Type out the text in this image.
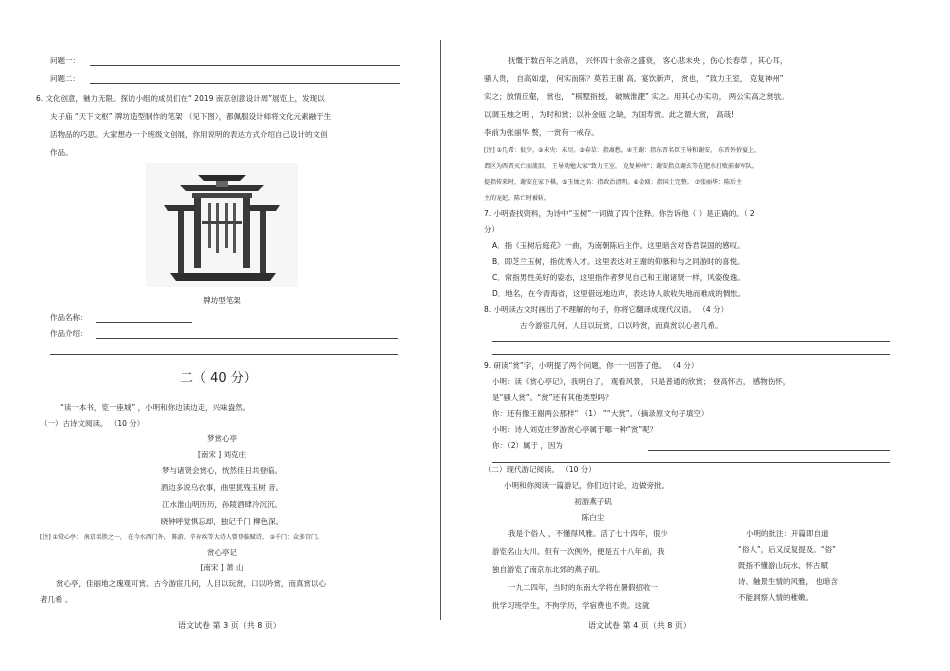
问题一：
问题二：
6. 文化创意，魅力无限。探访小组的成员们在“ 2019 南京创意设计周”展览上，发现以
夫子庙 “天下文枢” 牌坊造型制作的笔架 （见下图），都佩服设计师将文化元素融于生
活物品的巧思。大家想办一个班级文创展，你用说明的表达方式介绍自己设计的文创
作品。
牌坊型笔架
作品名称：
作品介绍：
二（ 40 分）
“读一本书，览一座城” ，小明和你边读边走，兴味盎然。
（一）古诗文阅读。 （10 分）
梦赏心亭
[南宋 ] 刘克庄
梦与诸贤会赏心，恍然佳日共登临。
酒边多说乌衣事，曲里犹残玉树 音。
江水淮山明历历，孙陵酒肆冷沉沉。
晓钟呼觉惧忘却，独记千门 柳色深。
[注] ①赏心亭： 南京名胜之一， 在今水西门外， 陈游、辛弃疾等大诗人曾登临赋诗。 ②千门：众多宫门。
赏心亭记
[南宋 ] 萧 山
赏心亭，佳丽地之瑰观可赏。古今游宦几何，人目以玩赏，口以吟赏，而真赏以心
者几希 。
语文试卷 第 3 页（共 8 页）
抚慨于数百年之消息， 兴怀四十余帝之盛衰， 客心悲未央 ，伤心长春草 ，其心耳，
骚人贵， 自高如虚， 何实而陈？莫若王谢 高。宴饮新声， 赏也， “致力王室， 克复神州”
实之；放情丘壑， 赏也， “棋墅指授， 破贼淮淝” 实之。用其心办实功， 两公实高之赏欤。
以调玉烛之明 ，为时和赏；以补金瓯 之缺，为国寿赏。此之谓大赏， 高哉!
李前为张丽华 赘，一赏有一戒存。
[注] ①几希：很少。②未央：未尽。③春草：指离愁。④王谢：指东晋名臣王导和谢安。 东晋外侨宴上，
谓区为西晋灭亡而流泪， 王导劝勉大家“致力王室， 克复神州”；谢安指点谢玄等在肥水打败前秦军队。
提指传来时，谢安在家下棋。⑤玉烛之名：指政治清明。⑥金瓯：指国土完整。 ⑦张丽华：陈后主
主的宠妃，陈亡时被斩。
7. 小明查找资料，为诗中“玉树”一词做了四个注释。你告诉他（ ）是正确的。（ 2
分）
A．指《玉树后庭花》一曲，为南朝陈后主作。这里暗含对昏君误国的感叹。
B．即芝兰玉树，指优秀人才。这里表达对王谢的仰慕和与之同游时的喜悦。
C．常指男性美好的姿态，这里指作者梦见自己和王谢诸贤一样，风姿俊逸。
D．地名，在今青海省，这里借远地边声，表达诗人欲收失地而难成的惆怅。
8. 小明读古文时画出了不理解的句子，你将它翻译成现代汉语。 （4 分）
古今游宦几何，人目以玩赏，口以吟赏，而真赏以心者几希。
9. 研读“赏”字，小明提了两个问题，你一一回答了他。 （4 分）
小明：读《赏心亭记》，我明白了， 观看风景， 只是普通的欣赏； 登高怀古， 感物伤怀，
是“骚人赏”。“赏”还有其他类型吗？
你：还有像王谢两公那样“ （1） ”“大赏”。（摘录原文句子填空）
小明：诗人刘克庄梦游赏心亭属于哪一种“赏”呢？
你：（2）属于 ，因为
（二）现代游记阅读。 （10 分）
小明和你阅读一篇游记，你们边讨论，边做旁批。
初游燕子矶
陈白尘
我是个俗人 ，不懂得风雅。活了七十四年，很少
游览名山大川。但有一次例外，便是五十八年前，我
独自游览了南京东北郊的燕子矶。
一九二四年，当时的东南大学将在暑假招收一
批学习班学生，不拘学历，学宿费也不贵。这就
小明的批注：开篇即自道
“俗人”，后又反复提及。“俗”
既指不懂游山玩水、怀古赋
诗、触景生情的风雅， 也暗含
不能洞察人情的稚嫩。
语文试卷 第 4 页（共 8 页）
